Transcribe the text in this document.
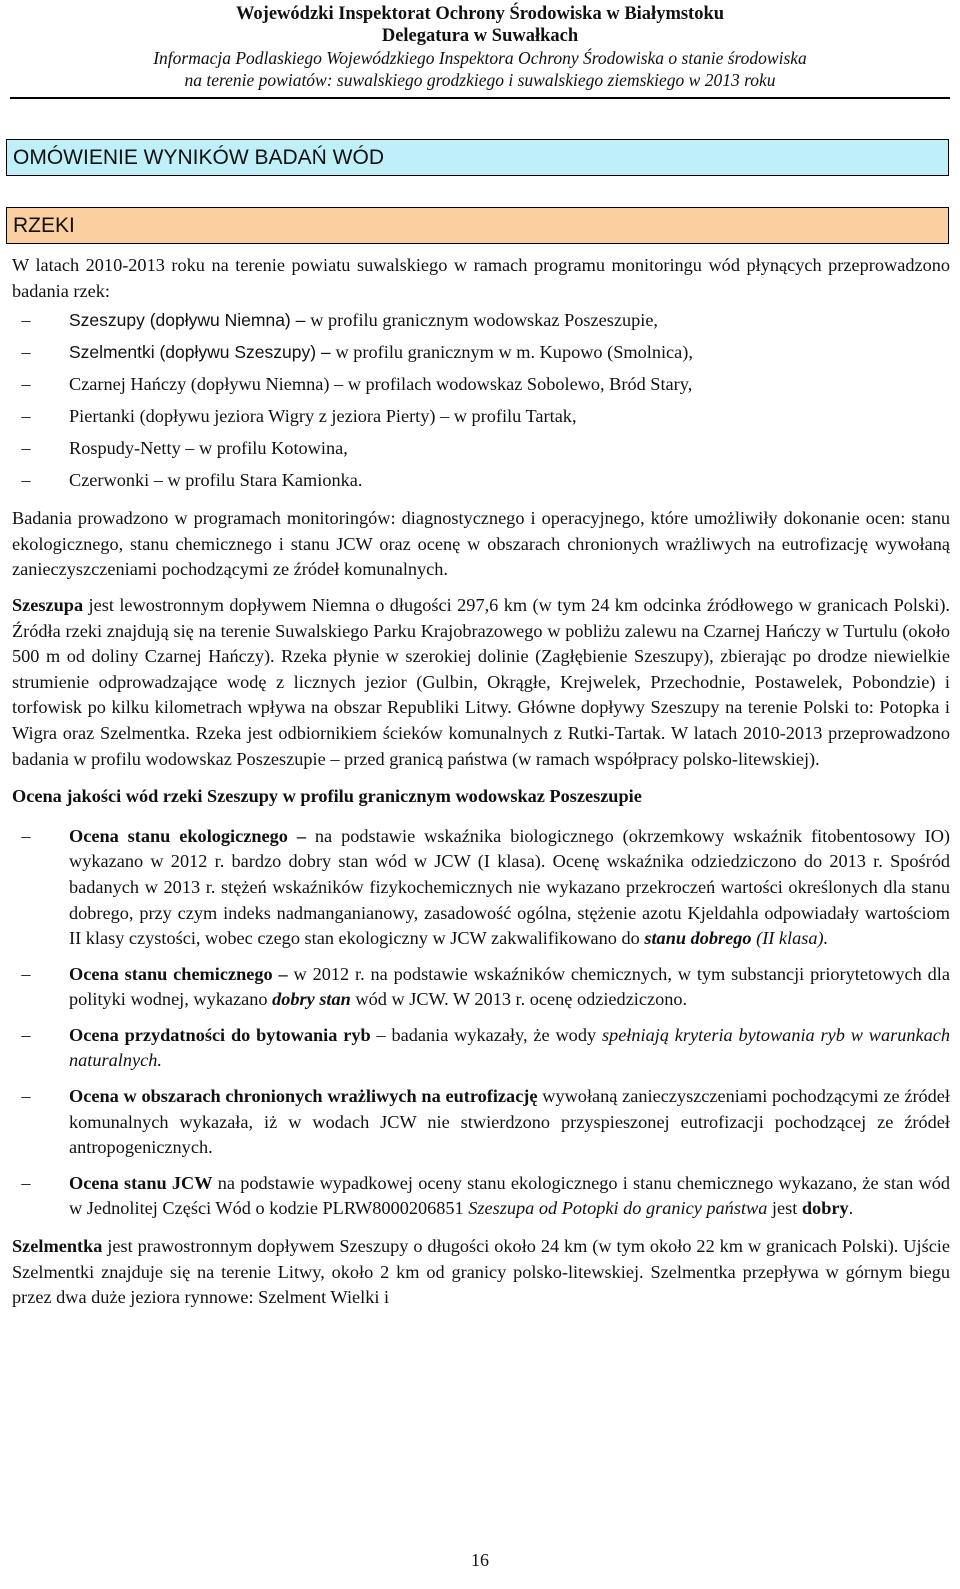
Wojewódzki Inspektorat Ochrony Środowiska w Białymstoku
Delegatura w Suwałkach
Informacja Podlaskiego Wojewódzkiego Inspektora Ochrony Środowiska o stanie środowiska
na terenie powiatów: suwalskiego grodzkiego i suwalskiego ziemskiego w 2013 roku
OMÓWIENIE WYNIKÓW BADAŃ WÓD
RZEKI

W latach 2010-2013 roku na terenie powiatu suwalskiego w ramach programu monitoringu wód płynących przeprowadzono badania rzek:

– Szeszupy (dopływu Niemna) – w profilu granicznym wodowskaz Poszeszupie,
– Szelmentki (dopływu Szeszupy) – w profilu granicznym w m. Kupowo (Smolnica),
– Czarnej Hańczy (dopływu Niemna) – w profilach wodowskaz Sobolewo, Bród Stary,
– Piertanki (dopływu jeziora Wigry z jeziora Pierty) – w profilu Tartak,
– Rospudy-Netty – w profilu Kotowina,
– Czerwonki – w profilu Stara Kamionka.

Badania prowadzono w programach monitoringów: diagnostycznego i operacyjnego, które umożliwiły dokonanie ocen: stanu ekologicznego, stanu chemicznego i stanu JCW oraz ocenę w obszarach chronionych wrażliwych na eutrofizację wywołaną zanieczyszczeniami pochodzącymi ze źródeł komunalnych.

Szeszupa jest lewostronnym dopływem Niemna o długości 297,6 km (w tym 24 km odcinka źródłowego w granicach Polski). Źródła rzeki znajdują się na terenie Suwalskiego Parku Krajobrazowego w pobliżu zalewu na Czarnej Hańczy w Turtulu (około 500 m od doliny Czarnej Hańczy). Rzeka płynie w szerokiej dolinie (Zagłębienie Szeszupy), zbierając po drodze niewielkie strumienie odprowadzające wodę z licznych jezior (Gulbin, Okrągłe, Krejwelek, Przechodnie, Postawelek, Pobondzie) i torfowisk po kilku kilometrach wpływa na obszar Republiki Litwy. Główne dopływy Szeszupy na terenie Polski to: Potopka i Wigra oraz Szelmentka. Rzeka jest odbiornikiem ścieków komunalnych z Rutki-Tartak. W latach 2010-2013 przeprowadzono badania w profilu wodowskaz Poszeszupie – przed granicą państwa (w ramach współpracy polsko-litewskiej).

Ocena jakości wód rzeki Szeszupy w profilu granicznym wodowskaz Poszeszupie

– Ocena stanu ekologicznego – na podstawie wskaźnika biologicznego (okrzemkowy wskaźnik fitobentosowy IO) wykazano w 2012 r. bardzo dobry stan wód w JCW (I klasa). Ocenę wskaźnika odziedziczono do 2013 r. Spośród badanych w 2013 r. stężeń wskaźników fizykochemicznych nie wykazano przekroczeń wartości określonych dla stanu dobrego, przy czym indeks nadmanganianowy, zasadowość ogólna, stężenie azotu Kjeldahla odpowiadały wartościom II klasy czystości, wobec czego stan ekologiczny w JCW zakwalifikowano do stanu dobrego (II klasa).
– Ocena stanu chemicznego – w 2012 r. na podstawie wskaźników chemicznych, w tym substancji priorytetowych dla polityki wodnej, wykazano dobry stan wód w JCW. W 2013 r. ocenę odziedziczono.
– Ocena przydatności do bytowania ryb – badania wykazały, że wody spełniają kryteria bytowania ryb w warunkach naturalnych.
– Ocena w obszarach chronionych wrażliwych na eutrofizację wywołaną zanieczyszczeniami pochodzącymi ze źródeł komunalnych wykazała, iż w wodach JCW nie stwierdzono przyspieszonej eutrofizacji pochodzącej ze źródeł antropogenicznych.
– Ocena stanu JCW na podstawie wypadkowej oceny stanu ekologicznego i stanu chemicznego wykazano, że stan wód w Jednolitej Części Wód o kodzie PLRW8000206851 Szeszupa od Potopki do granicy państwa jest dobry.

Szelmentka jest prawostronnym dopływem Szeszupy o długości około 24 km (w tym około 22 km w granicach Polski). Ujście Szelmentki znajduje się na terenie Litwy, około 2 km od granicy polsko-litewskiej. Szelmentka przepływa w górnym biegu przez dwa duże jeziora rynnowe: Szelment Wielki i

16
